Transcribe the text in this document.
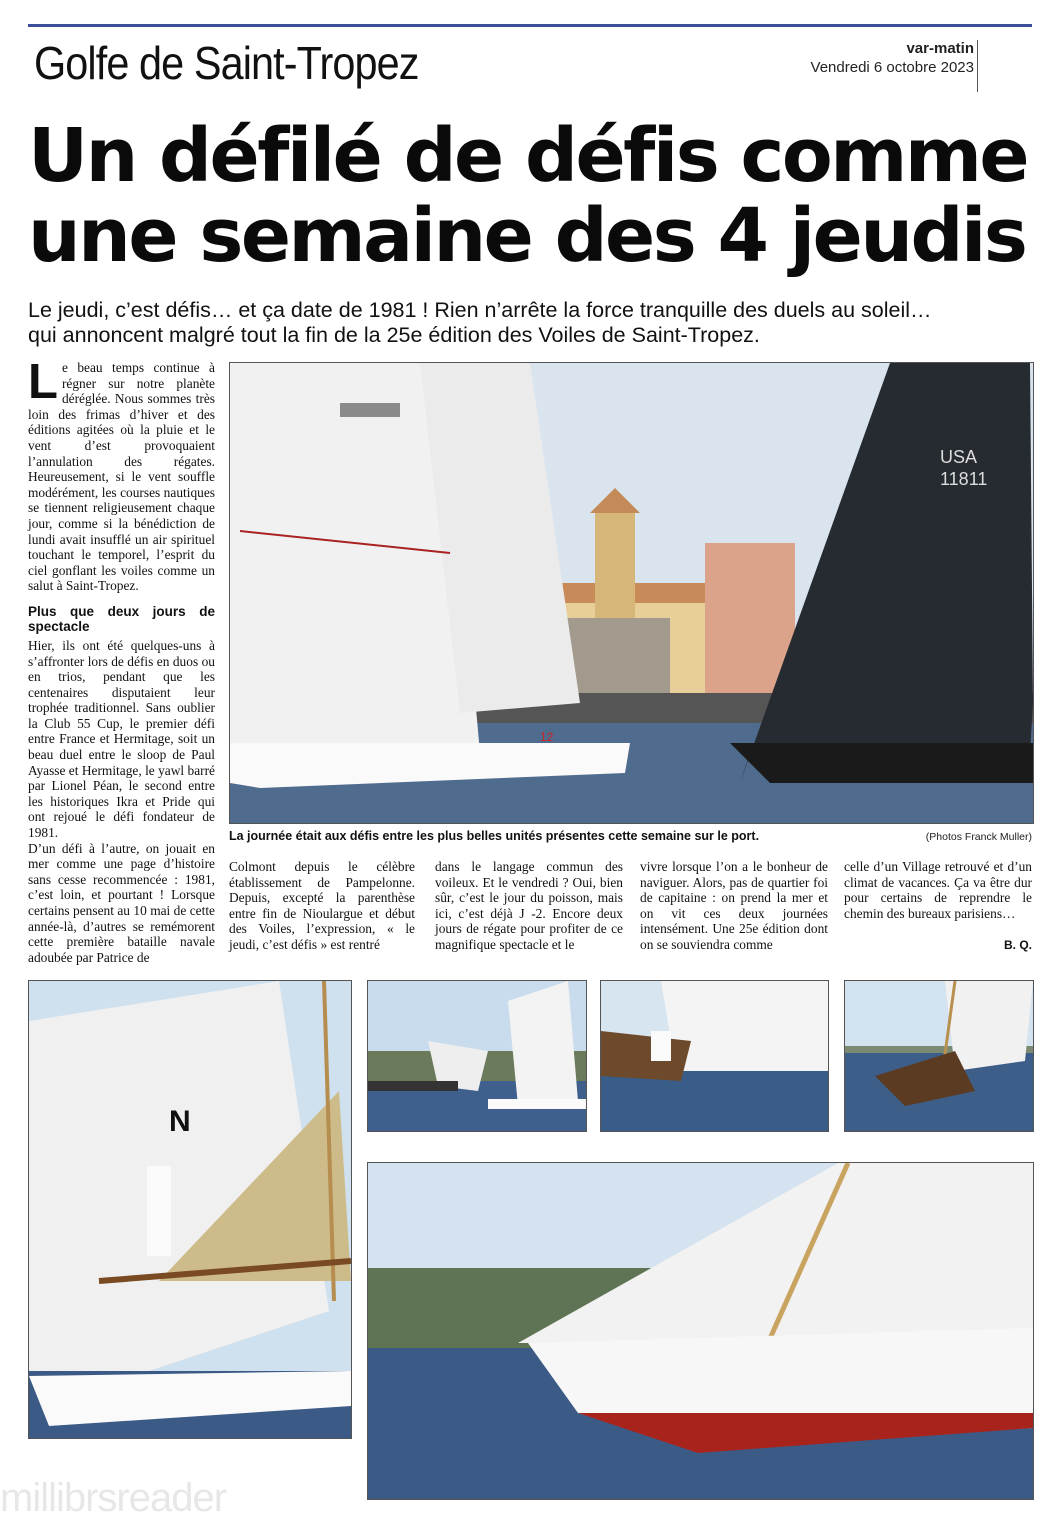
Golfe de Saint-Tropez	var-matin
Vendredi 6 octobre 2023
Un défilé de défis comme
une semaine des 4 jeudis
Le jeudi, c’est défis… et ça date de 1981 ! Rien n’arrête la force tranquille des duels au soleil…
qui annoncent malgré tout la fin de la 25e édition des Voiles de Saint-Tropez.

Le beau temps continue à régner sur notre planète déréglée. Nous sommes très loin des frimas d’hiver et des éditions agitées où la pluie et le vent d’est provoquaient l’annulation des régates. Heureusement, si le vent souffle modérément, les courses nautiques se tiennent religieusement chaque jour, comme si la bénédiction de lundi avait insufflé un air spirituel touchant le temporel, l’esprit du ciel gonflant les voiles comme un salut à Saint-Tropez.

Plus que deux jours de spectacle

Hier, ils ont été quelques-uns à s’affronter lors de défis en duos ou en trios, pendant que les centenaires disputaient leur trophée traditionnel. Sans oublier la Club 55 Cup, le premier défi entre France et Hermitage, soit un beau duel entre le sloop de Paul Ayasse et Hermitage, le yawl barré par Lionel Péan, le second entre les historiques Ikra et Pride qui ont rejoué le défi fondateur de 1981.

D’un défi à l’autre, on jouait en mer comme une page d’histoire sans cesse recommencée : 1981, c’est loin, et pourtant ! Lorsque certains pensent au 10 mai de cette année-là, d’autres se remémorent cette première bataille navale adoubée par Patrice de

USA
11811
12
La journée était aux défis entre les plus belles unités présentes cette semaine sur le port.	(Photos Franck Muller)
Colmont depuis le célèbre établissement de Pampelonne. Depuis, excepté la parenthèse entre fin de Nioulargue et début des Voiles, l’expression, « le jeudi, c’est défis » est rentré
dans le langage commun des voileux. Et le vendredi ? Oui, bien sûr, c’est le jour du poisson, mais ici, c’est déjà J -2. Encore deux jours de régate pour profiter de ce magnifique spectacle et le
vivre lorsque l’on a le bonheur de naviguer. Alors, pas de quartier foi de capitaine : on prend la mer et on vit ces deux journées intensément. Une 25e édition dont on se souviendra comme
celle d’un Village retrouvé et d’un climat de vacances. Ça va être dur pour certains de reprendre le chemin des bureaux parisiens…
B. Q.
N
millibrsreader
